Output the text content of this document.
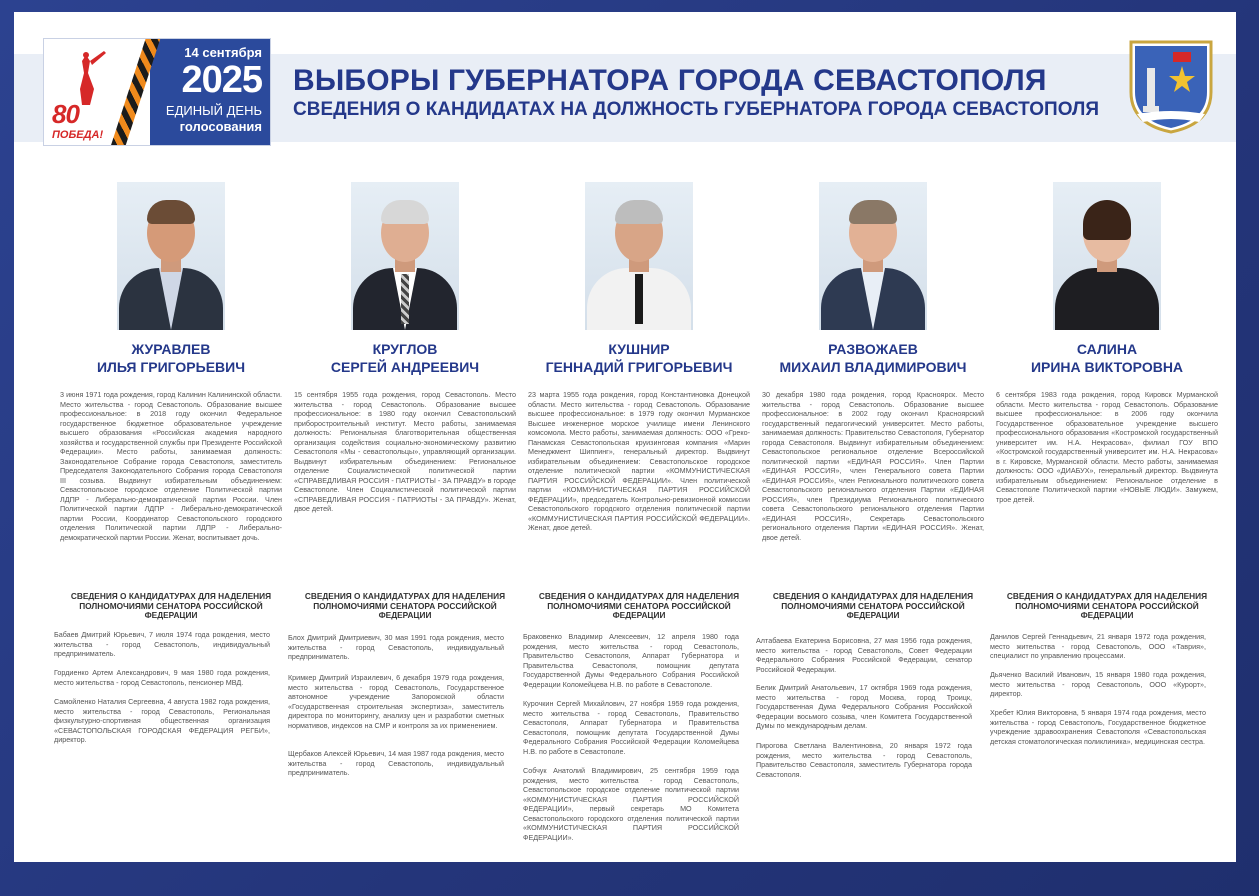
80
ПОБЕДА!
14 сентября
2025
ЕДИНЫЙ ДЕНЬ
голосования
ВЫБОРЫ ГУБЕРНАТОРА ГОРОДА СЕВАСТОПОЛЯ
СВЕДЕНИЯ О КАНДИДАТАХ НА ДОЛЖНОСТЬ ГУБЕРНАТОРА ГОРОДА СЕВАСТОПОЛЯ
ЖУРАВЛЕВ
ИЛЬЯ ГРИГОРЬЕВИЧ
3 июня 1971 года рождения, город Калинин Калининской области. Место жительства - город Севастополь. Образование высшее профессиональное: в 2018 году окончил Федеральное государственное бюджетное образовательное учреждение высшего образования «Российская академия народного хозяйства и государственной службы при Президенте Российской Федерации». Место работы, занимаемая должность: Законодательное Собрание города Севастополя, заместитель Председателя Законодательного Собрания города Севастополя III созыва. Выдвинут избирательным объединением: Севастопольское городское отделение Политической партии ЛДПР - Либерально-демократической партии России. Член Политической партии ЛДПР - Либерально-демократической партии России, Координатор Севастопольского городского отделения Политической партии ЛДПР - Либерально-демократической партии России. Женат, воспитывает дочь.
КРУГЛОВ
СЕРГЕЙ АНДРЕЕВИЧ
15 сентября 1955 года рождения, город Севастополь. Место жительства - город Севастополь. Образование высшее профессиональное: в 1980 году окончил Севастопольский приборостроительный институт. Место работы, занимаемая должность: Региональная благотворительная общественная организация содействия социально-экономическому развитию Севастополя «Мы - севастопольцы», управляющий организации. Выдвинут избирательным объединением: Региональное отделение Социалистической политической партии «СПРАВЕДЛИВАЯ РОССИЯ - ПАТРИОТЫ - ЗА ПРАВДУ» в городе Севастополе. Член Социалистической политической партии «СПРАВЕДЛИВАЯ РОССИЯ - ПАТРИОТЫ - ЗА ПРАВДУ». Женат, двое детей.
КУШНИР
ГЕННАДИЙ ГРИГОРЬЕВИЧ
23 марта 1955 года рождения, город Константиновка Донецкой области. Место жительства - город Севастополь. Образование высшее профессиональное: в 1979 году окончил Мурманское Высшее инженерное морское училище имени Ленинского комсомола. Место работы, занимаемая должность: ООО «Греко-Панамская Севастопольская круизинговая компания «Марин Менеджмент Шиппинг», генеральный директор. Выдвинут избирательным объединением: Севастопольское городское отделение политической партии «КОММУНИСТИЧЕСКАЯ ПАРТИЯ РОССИЙСКОЙ ФЕДЕРАЦИИ». Член политической партии «КОММУНИСТИЧЕСКАЯ ПАРТИЯ РОССИЙСКОЙ ФЕДЕРАЦИИ», председатель Контрольно-ревизионной комиссии Севастопольского городского отделения политической партии «КОММУНИСТИЧЕСКАЯ ПАРТИЯ РОССИЙСКОЙ ФЕДЕРАЦИИ». Женат, двое детей.
РАЗВОЖАЕВ
МИХАИЛ ВЛАДИМИРОВИЧ
30 декабря 1980 года рождения, город Красноярск. Место жительства - город Севастополь. Образование высшее профессиональное: в 2002 году окончил Красноярский государственный педагогический университет. Место работы, занимаемая должность: Правительство Севастополя, Губернатор города Севастополя. Выдвинут избирательным объединением: Севастопольское региональное отделение Всероссийской политической партии «ЕДИНАЯ РОССИЯ». Член Партии «ЕДИНАЯ РОССИЯ», член Генерального совета Партии «ЕДИНАЯ РОССИЯ», член Регионального политического совета Севастопольского регионального отделения Партии «ЕДИНАЯ РОССИЯ», член Президиума Регионального политического совета Севастопольского регионального отделения Партии «ЕДИНАЯ РОССИЯ», Секретарь Севастопольского регионального отделения Партии «ЕДИНАЯ РОССИЯ». Женат, двое детей.
САЛИНА
ИРИНА ВИКТОРОВНА
6 сентября 1983 года рождения, город Кировск Мурманской области. Место жительства - город Севастополь. Образование высшее профессиональное: в 2006 году окончила Государственное образовательное учреждение высшего профессионального образования «Костромской государственный университет им. Н.А. Некрасова», филиал ГОУ ВПО «Костромской государственный университет им. Н.А. Некрасова» в г. Кировске, Мурманской области. Место работы, занимаемая должность: ООО «ДИАБУХ», генеральный директор. Выдвинута избирательным объединением: Региональное отделение в Севастополе Политической партии «НОВЫЕ ЛЮДИ». Замужем, трое детей.
СВЕДЕНИЯ О КАНДИДАТУРАХ ДЛЯ НАДЕЛЕНИЯ ПОЛНОМОЧИЯМИ СЕНАТОРА РОССИЙСКОЙ ФЕДЕРАЦИИ
Бабаев Дмитрий Юрьевич, 7 июля 1974 года рождения, место жительства - город Севастополь, индивидуальный предприниматель.
Гордиенко Артем Александрович, 9 мая 1980 года рождения, место жительства - город Севастополь, пенсионер МВД.
Самойленко Наталия Сергеевна, 4 августа 1982 года рождения, место жительства - город Севастополь, Региональная физкультурно-спортивная общественная организация «СЕВАСТОПОЛЬСКАЯ ГОРОДСКАЯ ФЕДЕРАЦИЯ РЕГБИ», директор.
СВЕДЕНИЯ О КАНДИДАТУРАХ ДЛЯ НАДЕЛЕНИЯ ПОЛНОМОЧИЯМИ СЕНАТОРА РОССИЙСКОЙ ФЕДЕРАЦИИ
Блох Дмитрий Дмитриевич, 30 мая 1991 года рождения, место жительства - город Севастополь, индивидуальный предприниматель.
Кримкер Дмитрий Израилевич, 6 декабря 1979 года рождения, место жительства - город Севастополь, Государственное автономное учреждение Запорожской области «Государственная строительная экспертиза», заместитель директора по мониторингу, анализу цен и разработки сметных нормативов, индексов на СМР и контроля за их применением.
Щербаков Алексей Юрьевич, 14 мая 1987 года рождения, место жительства - город Севастополь, индивидуальный предприниматель.
СВЕДЕНИЯ О КАНДИДАТУРАХ ДЛЯ НАДЕЛЕНИЯ ПОЛНОМОЧИЯМИ СЕНАТОРА РОССИЙСКОЙ ФЕДЕРАЦИИ
Браковенко Владимир Алексеевич, 12 апреля 1980 года рождения, место жительства - город Севастополь, Правительство Севастополя, Аппарат Губернатора и Правительства Севастополя, помощник депутата Государственной Думы Федерального Собрания Российской Федерации Коломейцева Н.В. по работе в Севастополе.
Курочкин Сергей Михайлович, 27 ноября 1959 года рождения, место жительства - город Севастополь, Правительство Севастополя, Аппарат Губернатора и Правительства Севастополя, помощник депутата Государственной Думы Федерального Собрания Российской Федерации Коломейцева Н.В. по работе в Севастополе.
Собчук Анатолий Владимирович, 25 сентября 1959 года рождения, место жительства - город Севастополь, Севастопольское городское отделение политической партии «КОММУНИСТИЧЕСКАЯ ПАРТИЯ РОССИЙСКОЙ ФЕДЕРАЦИИ», первый секретарь МО Комитета Севастопольского городского отделения политической партии «КОММУНИСТИЧЕСКАЯ ПАРТИЯ РОССИЙСКОЙ ФЕДЕРАЦИИ».
СВЕДЕНИЯ О КАНДИДАТУРАХ ДЛЯ НАДЕЛЕНИЯ ПОЛНОМОЧИЯМИ СЕНАТОРА РОССИЙСКОЙ ФЕДЕРАЦИИ
Алтабаева Екатерина Борисовна, 27 мая 1956 года рождения, место жительства - город Севастополь, Совет Федерации Федерального Собрания Российской Федерации, сенатор Российской Федерации.
Белик Дмитрий Анатольевич, 17 октября 1969 года рождения, место жительства - город Москва, город Троицк, Государственная Дума Федерального Собрания Российской Федерации восьмого созыва, член Комитета Государственной Думы по международным делам.
Пирогова Светлана Валентиновна, 20 января 1972 года рождения, место жительства - город Севастополь, Правительство Севастополя, заместитель Губернатора города Севастополя.
СВЕДЕНИЯ О КАНДИДАТУРАХ ДЛЯ НАДЕЛЕНИЯ ПОЛНОМОЧИЯМИ СЕНАТОРА РОССИЙСКОЙ ФЕДЕРАЦИИ
Данилов Сергей Геннадьевич, 21 января 1972 года рождения, место жительства - город Севастополь, ООО «Таврия», специалист по управлению процессами.
Дьяченко Василий Иванович, 15 января 1980 года рождения, место жительства - город Севастополь, ООО «Курорт», директор.
Хребет Юлия Викторовна, 5 января 1974 года рождения, место жительства - город Севастополь, Государственное бюджетное учреждение здравоохранения Севастополя «Севастопольская детская стоматологическая поликлиника», медицинская сестра.
